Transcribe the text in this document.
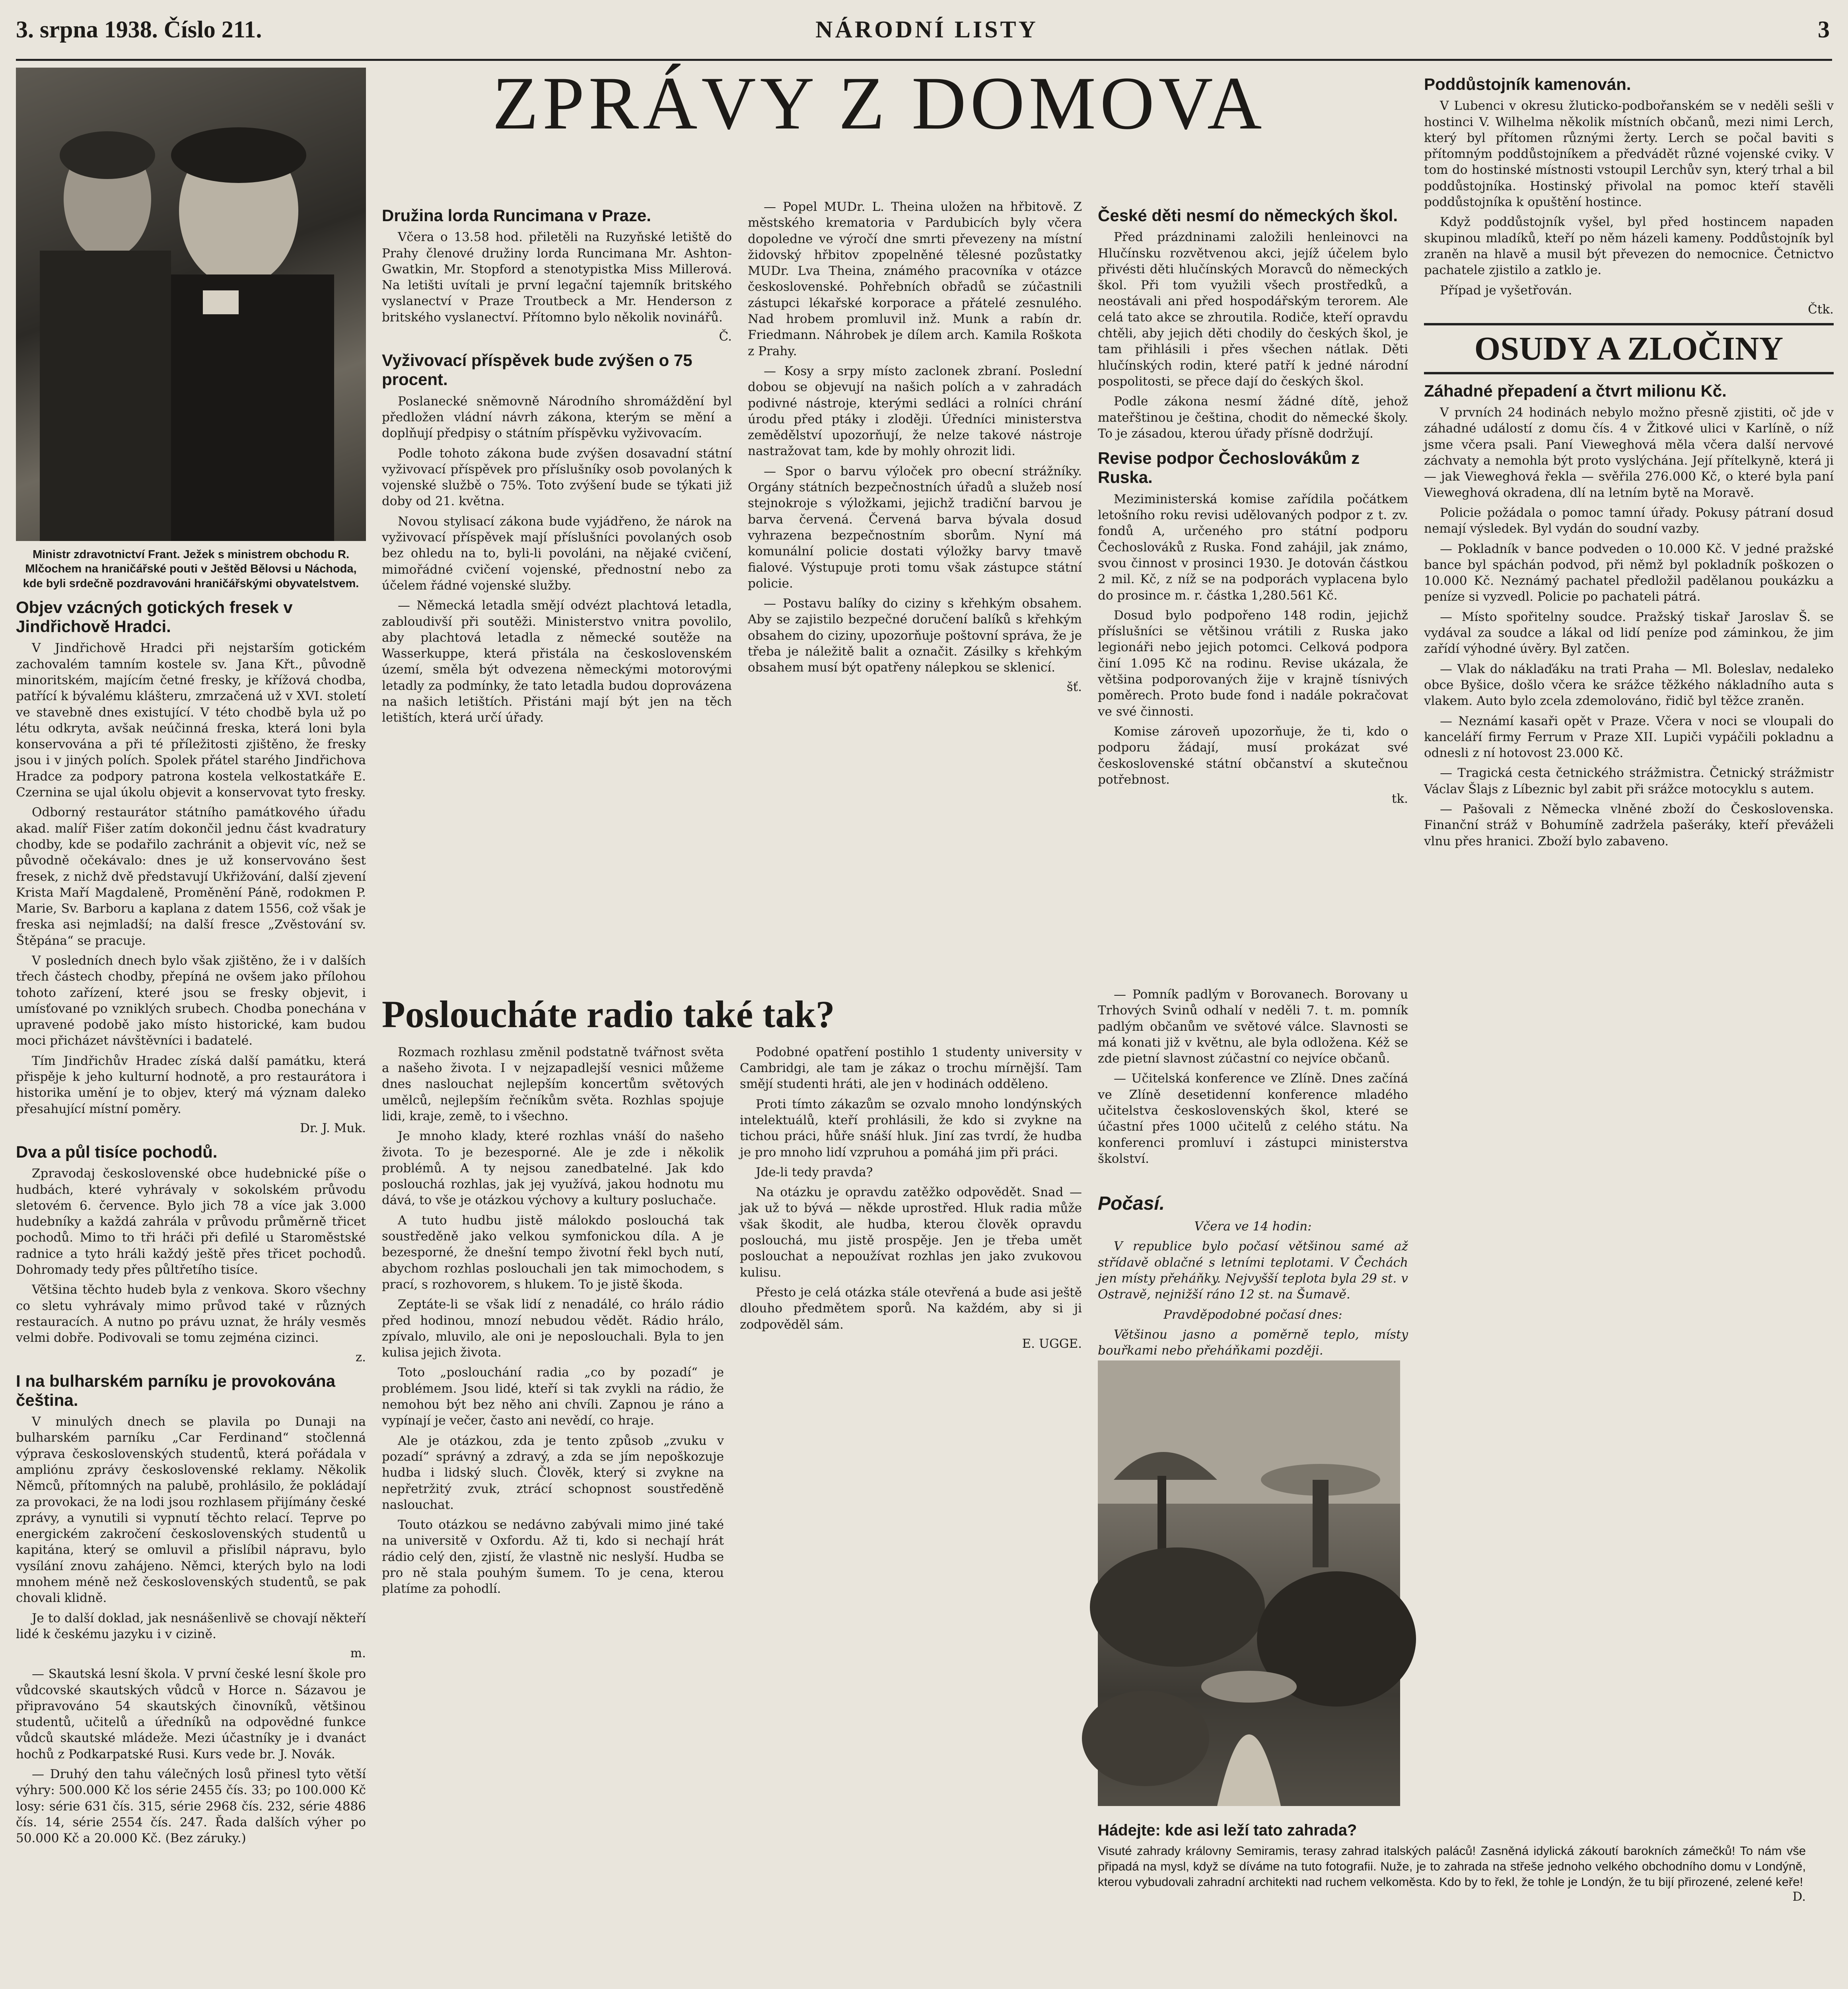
3. srpna 1938. Číslo 211.	NÁRODNÍ LISTY	3
ZPRÁVY Z DOMOVA
Ministr zdravotnictví Frant. Ježek s ministrem obchodu R. Mlčochem na hraničářské pouti v Ještěd Bělovsi u Náchoda, kde byli srdečně pozdravováni hraničářskými obyvatelstvem.
Objev vzácných gotických fresek v Jindřichově Hradci.

V Jindřichově Hradci při nejstarším gotickém zachovalém tamním kostele sv. Jana Křt., původně minoritském, majícím četné fresky, je křížová chodba, patřící k bývalému klášteru, zmrzačená už v XVI. století ve stavebně dnes existující. V této chodbě byla už po létu odkryta, avšak neúčinná freska, která loni byla konservována a při té příležitosti zjištěno, že fresky jsou i v jiných polích. Spolek přátel starého Jindřichova Hradce za podpory patrona kostela velkostatkáře E. Czernina se ujal úkolu objevit a konservovat tyto fresky.

Odborný restaurátor státního památkového úřadu akad. malíř Fišer zatím dokončil jednu část kvadratury chodby, kde se podařilo zachránit a objevit víc, než se původně očekávalo: dnes je už konservováno šest fresek, z nichž dvě představují Ukřižování, další zjevení Krista Maří Magdaleně, Proměnění Páně, rodokmen P. Marie, Sv. Barboru a kaplana z datem 1556, což však je freska asi nejmladší; na další fresce „Zvěstování sv. Štěpána“ se pracuje.

V posledních dnech bylo však zjištěno, že i v dalších třech částech chodby, přepíná ne ovšem jako přílohou tohoto zařízení, které jsou se fresky objevit, i umísťované po vzniklých srubech. Chodba ponechána v upravené podobě jako místo historické, kam budou moci přicházet návštěvníci i badatelé.

Tím Jindřichův Hradec získá další památku, která přispěje k jeho kulturní hodnotě, a pro restaurátora i historika umění je to objev, který má význam daleko přesahující místní poměry.

Dr. J. Muk.
Dva a půl tisíce pochodů.

Zpravodaj československé obce hudebnické píše o hudbách, které vyhrávaly v sokolském průvodu sletovém 6. července. Bylo jich 78 a více jak 3.000 hudebníky a každá zahrála v průvodu průměrně třicet pochodů. Mimo to tři hráči při defilé u Staroměstské radnice a tyto hráli každý ještě přes třicet pochodů. Dohromady tedy přes půltřetího tisíce.

Většina těchto hudeb byla z venkova. Skoro všechny co sletu vyhrávaly mimo průvod také v různých restauracích. A nutno po právu uznat, že hrály vesměs velmi dobře. Podivovali se tomu zejména cizinci.

z.
I na bulharském parníku je provokována čeština.

V minulých dnech se plavila po Dunaji na bulharském parníku „Car Ferdinand“ stočlenná výprava československých studentů, která pořádala v ampliónu zprávy československé reklamy. Několik Němců, přítomných na palubě, prohlásilo, že pokládají za provokaci, že na lodi jsou rozhlasem přijímány české zprávy, a vynutili si vypnutí těchto relací. Teprve po energickém zakročení československých studentů u kapitána, který se omluvil a přislíbil nápravu, bylo vysílání znovu zahájeno. Němci, kterých bylo na lodi mnohem méně než československých studentů, se pak chovali klidně.

Je to další doklad, jak nesnášenlivě se chovají někteří lidé k českému jazyku i v cizině.

m.

— Skautská lesní škola. V první české lesní škole pro vůdcovské skautských vůdců v Horce n. Sázavou je připravováno 54 skautských činovníků, většinou studentů, učitelů a úředníků na odpovědné funkce vůdců skautské mládeže. Mezi účastníky je i dvanáct hochů z Podkarpatské Rusi. Kurs vede br. J. Novák.

— Druhý den tahu válečných losů přinesl tyto větší výhry: 500.000 Kč los série 2455 čís. 33; po 100.000 Kč losy: série 631 čís. 315, série 2968 čís. 232, série 4886 čís. 14, série 2554 čís. 247. Řada dalších výher po 50.000 Kč a 20.000 Kč. (Bez záruky.)

Družina lorda Runcimana v Praze.

Včera o 13.58 hod. přiletěli na Ruzyňské letiště do Prahy členové družiny lorda Runcimana Mr. Ashton-Gwatkin, Mr. Stopford a stenotypistka Miss Millerová. Na letišti uvítali je první legační tajemník britského vyslanectví v Praze Troutbeck a Mr. Henderson z britského vyslanectví. Přítomno bylo několik novinářů.

Č.
Vyživovací příspěvek bude zvýšen o 75 procent.

Poslanecké sněmovně Národního shromáždění byl předložen vládní návrh zákona, kterým se mění a doplňují předpisy o státním příspěvku vyživovacím.

Podle tohoto zákona bude zvýšen dosavadní státní vyživovací příspěvek pro příslušníky osob povolaných k vojenské službě o 75%. Toto zvýšení bude se týkati již doby od 21. května.

Novou stylisací zákona bude vyjádřeno, že nárok na vyživovací příspěvek mají příslušníci povolaných osob bez ohledu na to, byli-li povoláni, na nějaké cvičení, mimořádné cvičení vojenské, přednostní nebo za účelem řádné vojenské služby.

— Německá letadla smějí odvézt plachtová letadla, zabloudivší při soutěži. Ministerstvo vnitra povolilo, aby plachtová letadla z německé soutěže na Wasserkuppe, která přistála na československém území, směla být odvezena německými motorovými letadly za podmínky, že tato letadla budou doprovázena na našich letištích. Přistáni mají být jen na těch letištích, která určí úřady.

— Popel MUDr. L. Theina uložen na hřbitově. Z městského krematoria v Pardubicích byly včera dopoledne ve výročí dne smrti převezeny na místní židovský hřbitov zpopelněné tělesné pozůstatky MUDr. Lva Theina, známého pracovníka v otázce československé. Pohřebních obřadů se zúčastnili zástupci lékařské korporace a přátelé zesnulého. Nad hrobem promluvil inž. Munk a rabín dr. Friedmann. Náhrobek je dílem arch. Kamila Roškota z Prahy.

— Kosy a srpy místo zaclonek zbraní. Poslední dobou se objevují na našich polích a v zahradách podivné nástroje, kterými sedláci a rolníci chrání úrodu před ptáky i zloději. Úředníci ministerstva zemědělství upozorňují, že nelze takové nástroje nastražovat tam, kde by mohly ohrozit lidi.

— Spor o barvu výloček pro obecní strážníky. Orgány státních bezpečnostních úřadů a služeb nosí stejnokroje s výložkami, jejichž tradiční barvou je barva červená. Červená barva bývala dosud vyhrazena bezpečnostním sborům. Nyní má komunální policie dostati výložky barvy tmavě fialové. Výstupuje proti tomu však zástupce státní policie.

— Postavu balíky do ciziny s křehkým obsahem. Aby se zajistilo bezpečné doručení balíků s křehkým obsahem do ciziny, upozorňuje poštovní správa, že je třeba je náležitě balit a označit. Zásilky s křehkým obsahem musí být opatřeny nálepkou se sklenicí.

šť.
Posloucháte radio také tak?

Rozmach rozhlasu změnil podstatně tvářnost světa a našeho života. I v nejzapadlejší vesnici můžeme dnes naslouchat nejlepším koncertům světových umělců, nejlepším řečníkům světa. Rozhlas spojuje lidi, kraje, země, to i všechno.

Je mnoho klady, které rozhlas vnáší do našeho života. To je bezesporné. Ale je zde i několik problémů. A ty nejsou zanedbatelné. Jak kdo poslouchá rozhlas, jak jej využívá, jakou hodnotu mu dává, to vše je otázkou výchovy a kultury posluchače.

A tuto hudbu jistě málokdo poslouchá tak soustředěně jako velkou symfonickou díla. A je bezesporné, že dnešní tempo životní řekl bych nutí, abychom rozhlas poslouchali jen tak mimochodem, s prací, s rozhovorem, s hlukem. To je jistě škoda.

Zeptáte-li se však lidí z nenadálé, co hrálo rádio před hodinou, mnozí nebudou vědět. Rádio hrálo, zpívalo, mluvilo, ale oni je neposlouchali. Byla to jen kulisa jejich života.

Toto „poslouchání radia „co by pozadí“ je problémem. Jsou lidé, kteří si tak zvykli na rádio, že nemohou být bez něho ani chvíli. Zapnou je ráno a vypínají je večer, často ani nevědí, co hraje.

Ale je otázkou, zda je tento způsob „zvuku v pozadí“ správný a zdravý, a zda se jím nepoškozuje hudba i lidský sluch. Člověk, který si zvykne na nepřetržitý zvuk, ztrácí schopnost soustředěně naslouchat.

Touto otázkou se nedávno zabývali mimo jiné také na universitě v Oxfordu. Až ti, kdo si nechají hrát rádio celý den, zjistí, že vlastně nic neslyší. Hudba se pro ně stala pouhým šumem. To je cena, kterou platíme za pohodlí.

Podobné opatření postihlo 1 studenty university v Cambridgi, ale tam je zákaz o trochu mírnější. Tam smějí studenti hráti, ale jen v hodinách odděleno.

Proti tímto zákazům se ozvalo mnoho londýnských intelektuálů, kteří prohlásili, že kdo si zvykne na tichou práci, hůře snáší hluk. Jiní zas tvrdí, že hudba je pro mnoho lidí vzpruhou a pomáhá jim při práci.

Jde-li tedy pravda?

Na otázku je opravdu zatěžko odpovědět. Snad — jak už to bývá — někde uprostřed. Hluk radia může však škodit, ale hudba, kterou člověk opravdu poslouchá, mu jistě prospěje. Jen je třeba umět poslouchat a nepoužívat rozhlas jen jako zvukovou kulisu.

Přesto je celá otázka stále otevřená a bude asi ještě dlouho předmětem sporů. Na každém, aby si ji zodpověděl sám.

E. UGGE.
České děti nesmí do německých škol.

Před prázdninami založili henleinovci na Hlučínsku rozvětvenou akci, jejíž účelem bylo přivésti děti hlučínských Moravců do německých škol. Při tom využili všech prostředků, a neostávali ani před hospodářským terorem. Ale celá tato akce se zhroutila. Rodiče, kteří opravdu chtěli, aby jejich děti chodily do českých škol, je tam přihlásili i přes všechen nátlak. Děti hlučínských rodin, které patří k jedné národní pospolitosti, se přece dají do českých škol.

Podle zákona nesmí žádné dítě, jehož mateřštinou je čeština, chodit do německé školy. To je zásadou, kterou úřady přísně dodržují.

Revise podpor Čechoslovákům z Ruska.

Meziministerská komise zařídila počátkem letošního roku revisi udělovaných podpor z t. zv. fondů A, určeného pro státní podporu Čechoslováků z Ruska. Fond zahájil, jak známo, svou činnost v prosinci 1930. Je dotován částkou 2 mil. Kč, z níž se na podporách vyplacena bylo do prosince m. r. částka 1,280.561 Kč.

Dosud bylo podpořeno 148 rodin, jejichž příslušníci se většinou vrátili z Ruska jako legionáři nebo jejich potomci. Celková podpora činí 1.095 Kč na rodinu. Revise ukázala, že většina podporovaných žije v krajně tísnivých poměrech. Proto bude fond i nadále pokračovat ve své činnosti.

Komise zároveň upozorňuje, že ti, kdo o podporu žádají, musí prokázat své československé státní občanství a skutečnou potřebnost.

tk.

— Pomník padlým v Borovanech. Borovany u Trhových Svinů odhalí v neděli 7. t. m. pomník padlým občanům ve světové válce. Slavnosti se má konati již v květnu, ale byla odložena. Kéž se zde pietní slavnost zúčastní co nejvíce občanů.

— Učitelská konference ve Zlíně. Dnes začíná ve Zlíně desetidenní konference mladého učitelstva československých škol, které se účastní přes 1000 učitelů z celého státu. Na konferenci promluví i zástupci ministerstva školství.

Počasí.

Včera ve 14 hodin:

V republice bylo počasí většinou samé až střídavě oblačné s letními teplotami. V Čechách jen místy přeháňky. Nejvyšší teplota byla 29 st. v Ostravě, nejnižší ráno 12 st. na Šumavě.

Pravděpodobné počasí dnes:

Většinou jasno a poměrně teplo, místy bouřkami nebo přeháňkami později.

Hádejte: kde asi leží tato zahrada?
Visuté zahrady královny Semiramis, terasy zahrad italských paláců! Zasněná idylická zákoutí barokních zámečků! To nám vše připadá na mysl, když se díváme na tuto fotografii. Nuže, je to zahrada na střeše jednoho velkého obchodního domu v Londýně, kterou vybudovali zahradní architekti nad ruchem velkoměsta. Kdo by to řekl, že tohle je Londýn, že tu bijí přirozené, zelené keře!
D.
Poddůstojník kamenován.

V Lubenci v okresu žluticko-podbořanském se v neděli sešli v hostinci V. Wilhelma několik místních občanů, mezi nimi Lerch, který byl přítomen různými žerty. Lerch se počal baviti s přítomným poddůstojníkem a předvádět různé vojenské cviky. V tom do hostinské místnosti vstoupil Lerchův syn, který trhal a bil poddůstojníka. Hostinský přivolal na pomoc kteří stavěli poddůstojníka k opuštění hostince.

Když poddůstojník vyšel, byl před hostincem napaden skupinou mladíků, kteří po něm házeli kameny. Poddůstojník byl zraněn na hlavě a musil být převezen do nemocnice. Četnictvo pachatele zjistilo a zatklo je.

Případ je vyšetřován.

Čtk.
OSUDY A ZLOČINY
Záhadné přepadení a čtvrt milionu Kč.

V prvních 24 hodinách nebylo možno přesně zjistiti, oč jde v záhadné událostí z domu čís. 4 v Žitkové ulici v Karlíně, o níž jsme včera psali. Paní Vieweghová měla včera další nervové záchvaty a nemohla být proto vyslýchána. Její přítelkyně, která ji — jak Vieweghová řekla — svěřila 276.000 Kč, o které byla paní Vieweghová okradena, dlí na letním bytě na Moravě.

Policie požádala o pomoc tamní úřady. Pokusy pátraní dosud nemají výsledek. Byl vydán do soudní vazby.

— Pokladník v bance podveden o 10.000 Kč. V jedné pražské bance byl spáchán podvod, při němž byl pokladník poškozen o 10.000 Kč. Neznámý pachatel předložil padělanou poukázku a peníze si vyzvedl. Policie po pachateli pátrá.

— Místo spořitelny soudce. Pražský tiskař Jaroslav Š. se vydával za soudce a lákal od lidí peníze pod záminkou, že jim zařídí výhodné úvěry. Byl zatčen.

— Vlak do náklaďáku na trati Praha — Ml. Boleslav, nedaleko obce Byšice, došlo včera ke srážce těžkého nákladního auta s vlakem. Auto bylo zcela zdemolováno, řidič byl těžce zraněn.

— Neznámí kasaři opět v Praze. Včera v noci se vloupali do kanceláří firmy Ferrum v Praze XII. Lupiči vypáčili pokladnu a odnesli z ní hotovost 23.000 Kč.

— Tragická cesta četnického strážmistra. Četnický strážmistr Václav Šlajs z Líbeznic byl zabit při srážce motocyklu s autem.

— Pašovali z Německa vlněné zboží do Československa. Finanční stráž v Bohumíně zadržela pašeráky, kteří převáželi vlnu přes hranici. Zboží bylo zabaveno.
